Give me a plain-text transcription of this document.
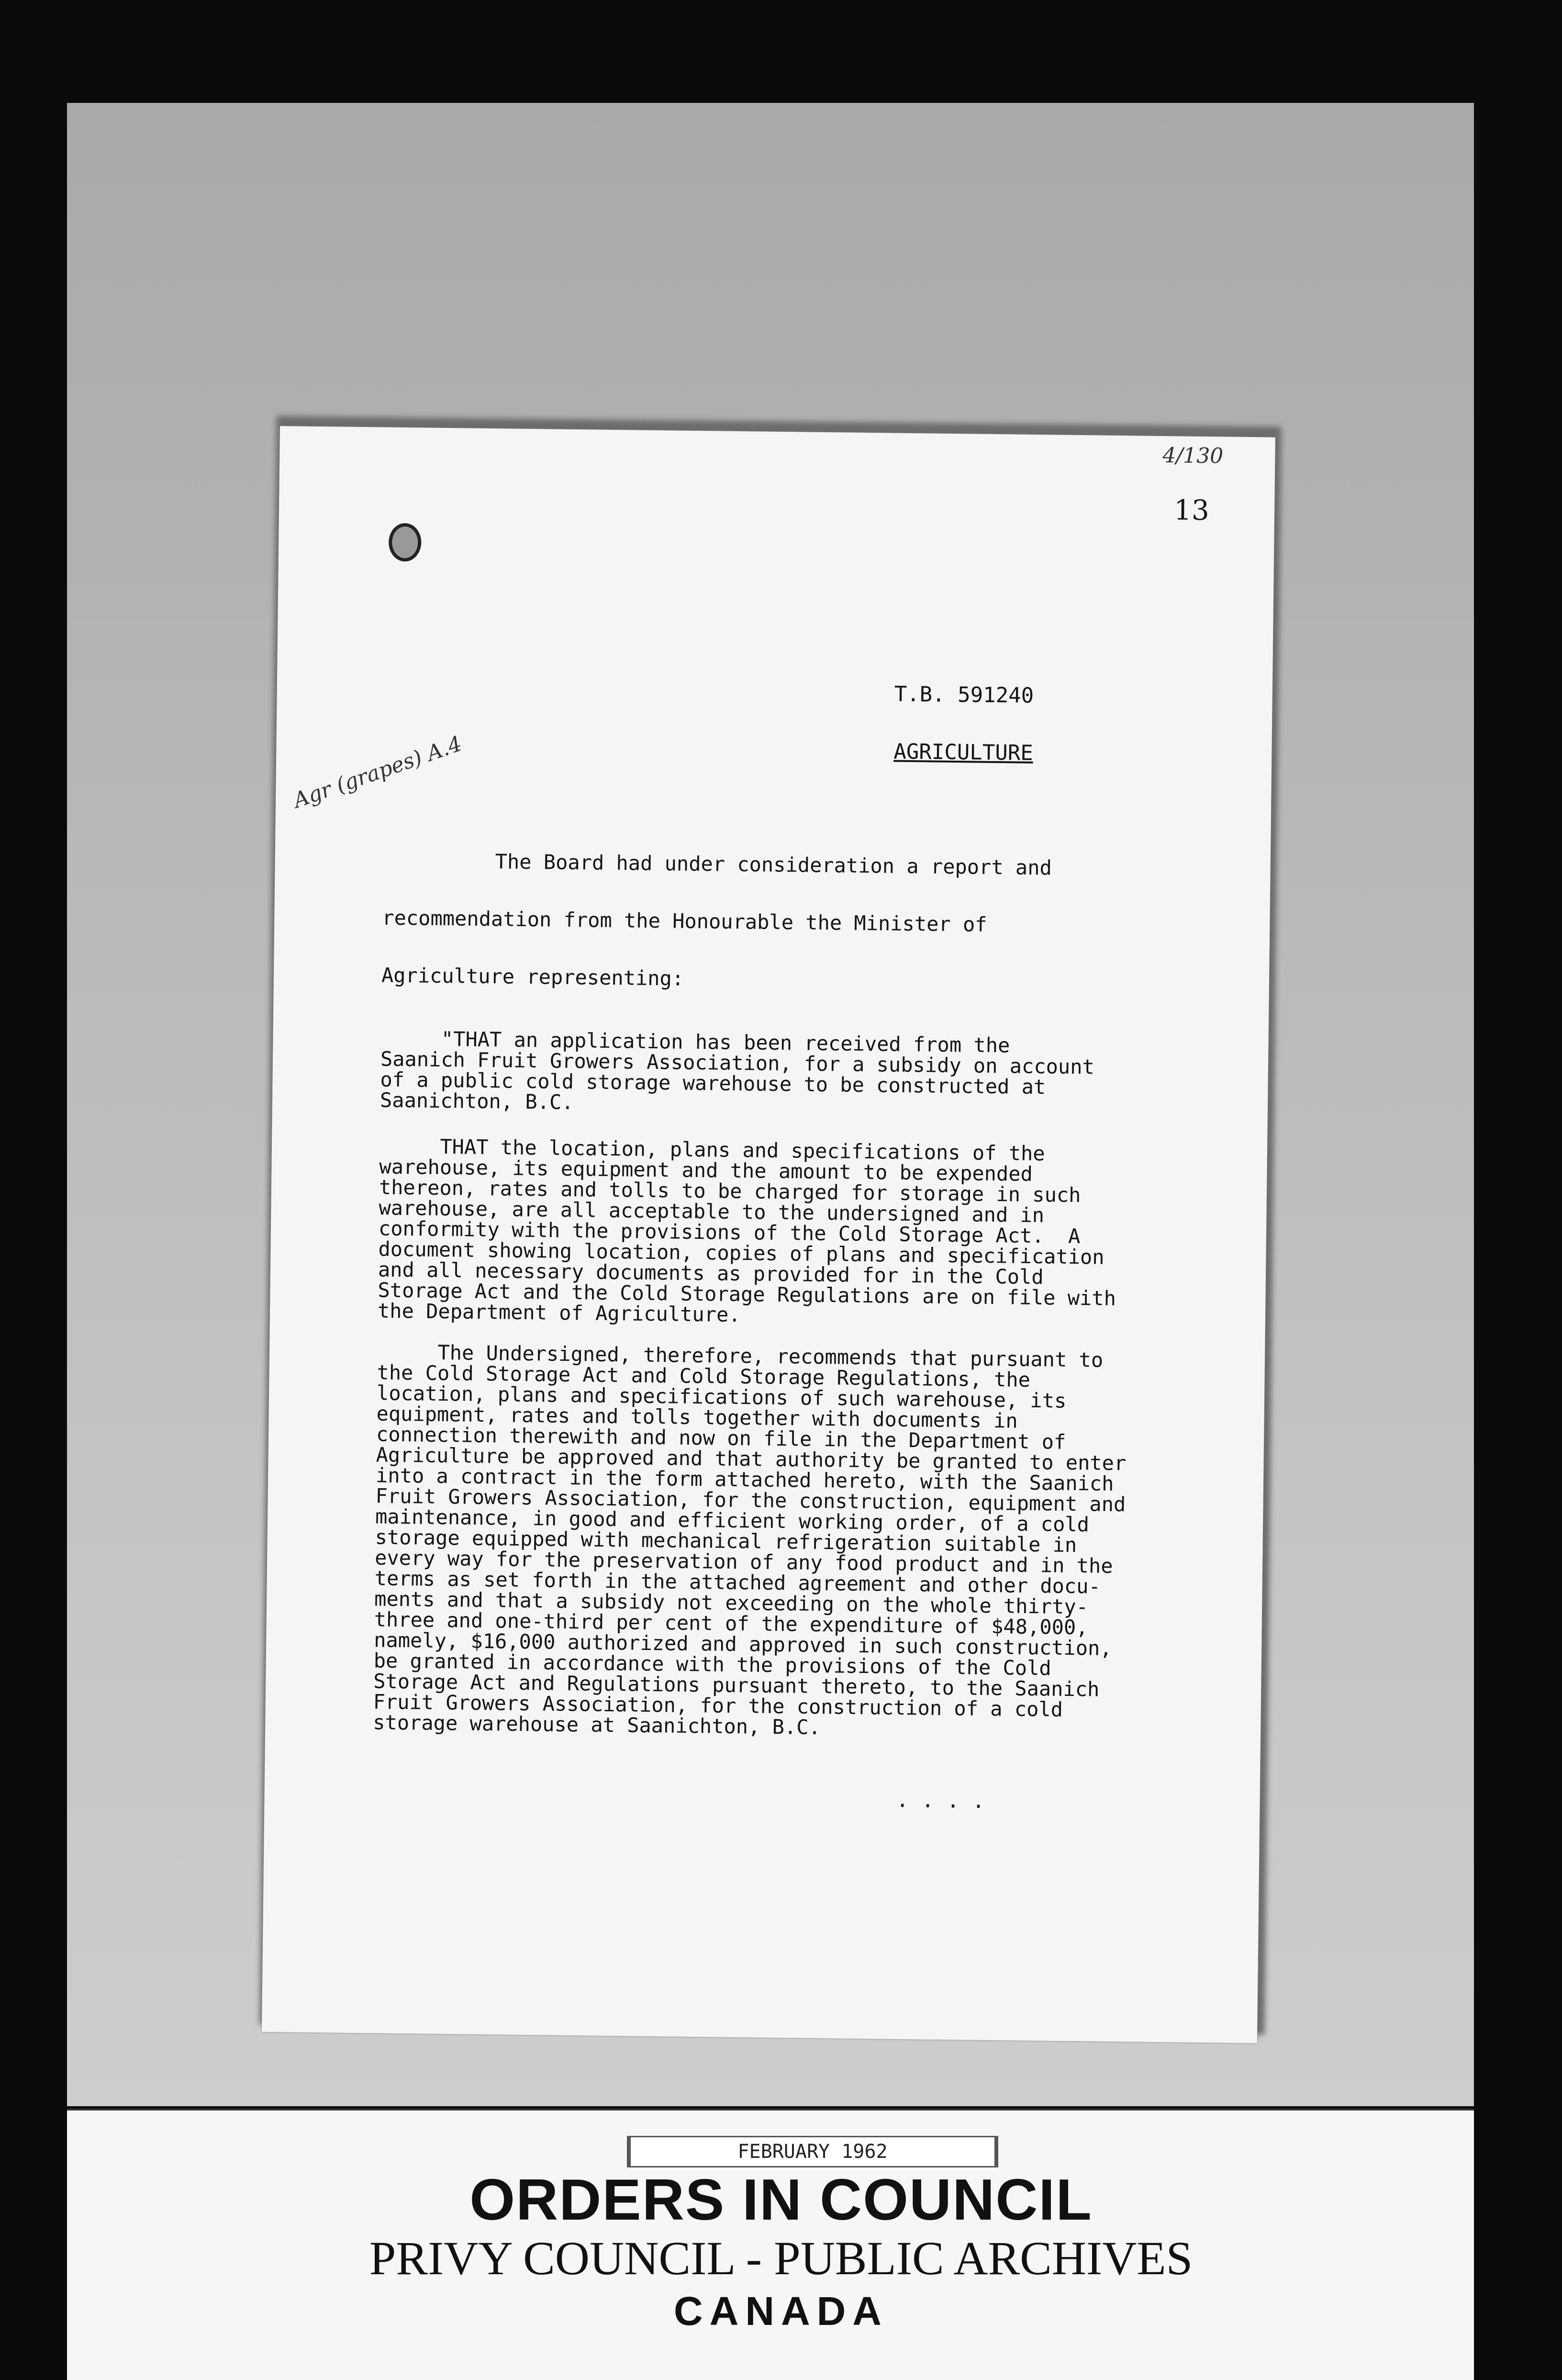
4/130

13

T.B. 591240

AGRICULTURE

Agr (grapes) A.4

The Board had under consideration a report and

recommendation from the Honourable the Minister of

Agriculture representing:

"THAT an application has been received from the
Saanich Fruit Growers Association, for a subsidy on account
of a public cold storage warehouse to be constructed at
Saanichton, B.C.

THAT the location, plans and specifications of the
warehouse, its equipment and the amount to be expended
thereon, rates and tolls to be charged for storage in such
warehouse, are all acceptable to the undersigned and in
conformity with the provisions of the Cold Storage Act.  A
document showing location, copies of plans and specification
and all necessary documents as provided for in the Cold
Storage Act and the Cold Storage Regulations are on file with
the Department of Agriculture.

The Undersigned, therefore, recommends that pursuant to
the Cold Storage Act and Cold Storage Regulations, the
location, plans and specifications of such warehouse, its
equipment, rates and tolls together with documents in
connection therewith and now on file in the Department of
Agriculture be approved and that authority be granted to enter
into a contract in the form attached hereto, with the Saanich
Fruit Growers Association, for the construction, equipment and
maintenance, in good and efficient working order, of a cold
storage equipped with mechanical refrigeration suitable in
every way for the preservation of any food product and in the
terms as set forth in the attached agreement and other docu-
ments and that a subsidy not exceeding on the whole thirty-
three and one-third per cent of the expenditure of $48,000,
namely, $16,000 authorized and approved in such construction,
be granted in accordance with the provisions of the Cold
Storage Act and Regulations pursuant thereto, to the Saanich
Fruit Growers Association, for the construction of a cold
storage warehouse at Saanichton, B.C.

. . . .

FEBRUARY 1962
ORDERS IN COUNCIL
PRIVY COUNCIL - PUBLIC ARCHIVES
CANADA
